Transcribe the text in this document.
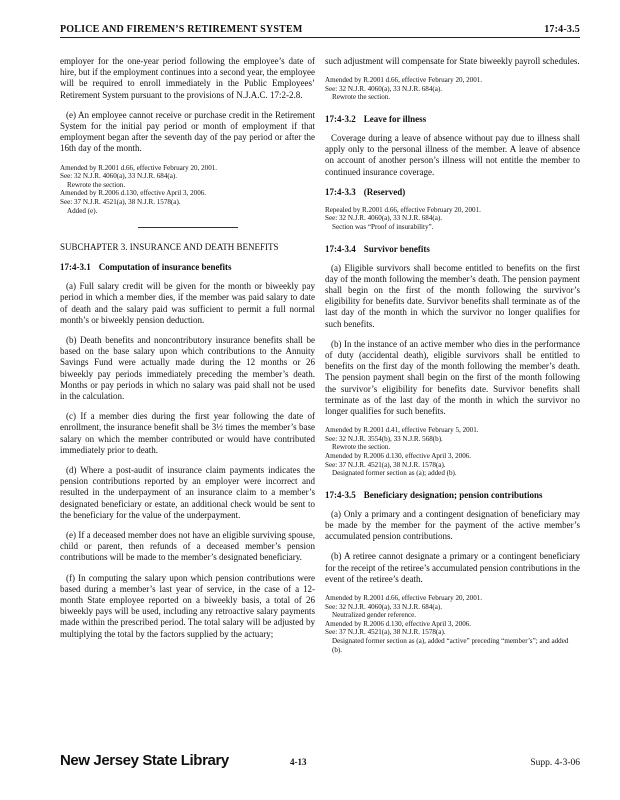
POLICE AND FIREMEN’S RETIREMENT SYSTEM	17:4-3.5

employer for the one-year period following the employee’s date of hire, but if the employment continues into a second year, the employee will be required to enroll immediately in the Public Employees’ Retirement System pursuant to the provisions of N.J.A.C. 17:2-2.8.

(e) An employee cannot receive or purchase credit in the Retirement System for the initial pay period or month of employment if that employment began after the seventh day of the pay period or after the 16th day of the month.

Amended by R.2001 d.66, effective February 20, 2001.
See: 32 N.J.R. 4060(a), 33 N.J.R. 684(a).
Rewrote the section.
Amended by R.2006 d.130, effective April 3, 2006.
See: 37 N.J.R. 4521(a), 38 N.J.R. 1578(a).
Added (e).

SUBCHAPTER 3. INSURANCE AND DEATH BENEFITS

17:4-3.1 Computation of insurance benefits

(a) Full salary credit will be given for the month or biweekly pay period in which a member dies, if the member was paid salary to date of death and the salary paid was sufficient to permit a full normal month’s or biweekly pension deduction.

(b) Death benefits and noncontributory insurance benefits shall be based on the base salary upon which contributions to the Annuity Savings Fund were actually made during the 12 months or 26 biweekly pay periods immediately preceding the member’s death. Months or pay periods in which no salary was paid shall not be used in the calculation.

(c) If a member dies during the first year following the date of enrollment, the insurance benefit shall be 3½ times the member’s base salary on which the member contributed or would have contributed immediately prior to death.

(d) Where a post-audit of insurance claim payments indicates the pension contributions reported by an employer were incorrect and resulted in the underpayment of an insurance claim to a member’s designated beneficiary or estate, an additional check would be sent to the beneficiary for the value of the underpayment.

(e) If a deceased member does not have an eligible surviving spouse, child or parent, then refunds of a deceased member’s pension contributions will be made to the member’s designated beneficiary.

(f) In computing the salary upon which pension contributions were based during a member’s last year of service, in the case of a 12-month State employee reported on a biweekly basis, a total of 26 biweekly pays will be used, including any retroactive salary payments made within the prescribed period. The total salary will be adjusted by multiplying the total by the factors supplied by the actuary;

such adjustment will compensate for State biweekly payroll schedules.

Amended by R.2001 d.66, effective February 20, 2001.
See: 32 N.J.R. 4060(a), 33 N.J.R. 684(a).
Rewrote the section.

17:4-3.2 Leave for illness

Coverage during a leave of absence without pay due to illness shall apply only to the personal illness of the member. A leave of absence on account of another person’s illness will not entitle the member to continued insurance coverage.

17:4-3.3 (Reserved)

Repealed by R.2001 d.66, effective February 20, 2001.
See: 32 N.J.R. 4060(a), 33 N.J.R. 684(a).
Section was “Proof of insurability”.

17:4-3.4 Survivor benefits

(a) Eligible survivors shall become entitled to benefits on the first day of the month following the member’s death. The pension payment shall begin on the first of the month following the survivor’s eligibility for benefits date. Survivor benefits shall terminate as of the last day of the month in which the survivor no longer qualifies for such benefits.

(b) In the instance of an active member who dies in the performance of duty (accidental death), eligible survivors shall be entitled to benefits on the first day of the month following the member’s death. The pension payment shall begin on the first of the month following the survivor’s eligibility for benefits date. Survivor benefits shall terminate as of the last day of the month in which the survivor no longer qualifies for such benefits.

Amended by R.2001 d.41, effective February 5, 2001.
See: 32 N.J.R. 3554(b), 33 N.J.R. 568(b).
Rewrote the section.
Amended by R.2006 d.130, effective April 3, 2006.
See: 37 N.J.R. 4521(a), 38 N.J.R. 1578(a).
Designated former section as (a); added (b).

17:4-3.5 Beneficiary designation; pension contributions

(a) Only a primary and a contingent designation of beneficiary may be made by the member for the payment of the active member’s accumulated pension contributions.

(b) A retiree cannot designate a primary or a contingent beneficiary for the receipt of the retiree’s accumulated pension contributions in the event of the retiree’s death.

Amended by R.2001 d.66, effective February 20, 2001.
See: 32 N.J.R. 4060(a), 33 N.J.R. 684(a).
Neutralized gender reference.
Amended by R.2006 d.130, effective April 3, 2006.
See: 37 N.J.R. 4521(a), 38 N.J.R. 1578(a).
Designated former section as (a), added “active” preceding “member’s”; and added (b).
New Jersey State Library	4-13	Supp. 4-3-06
